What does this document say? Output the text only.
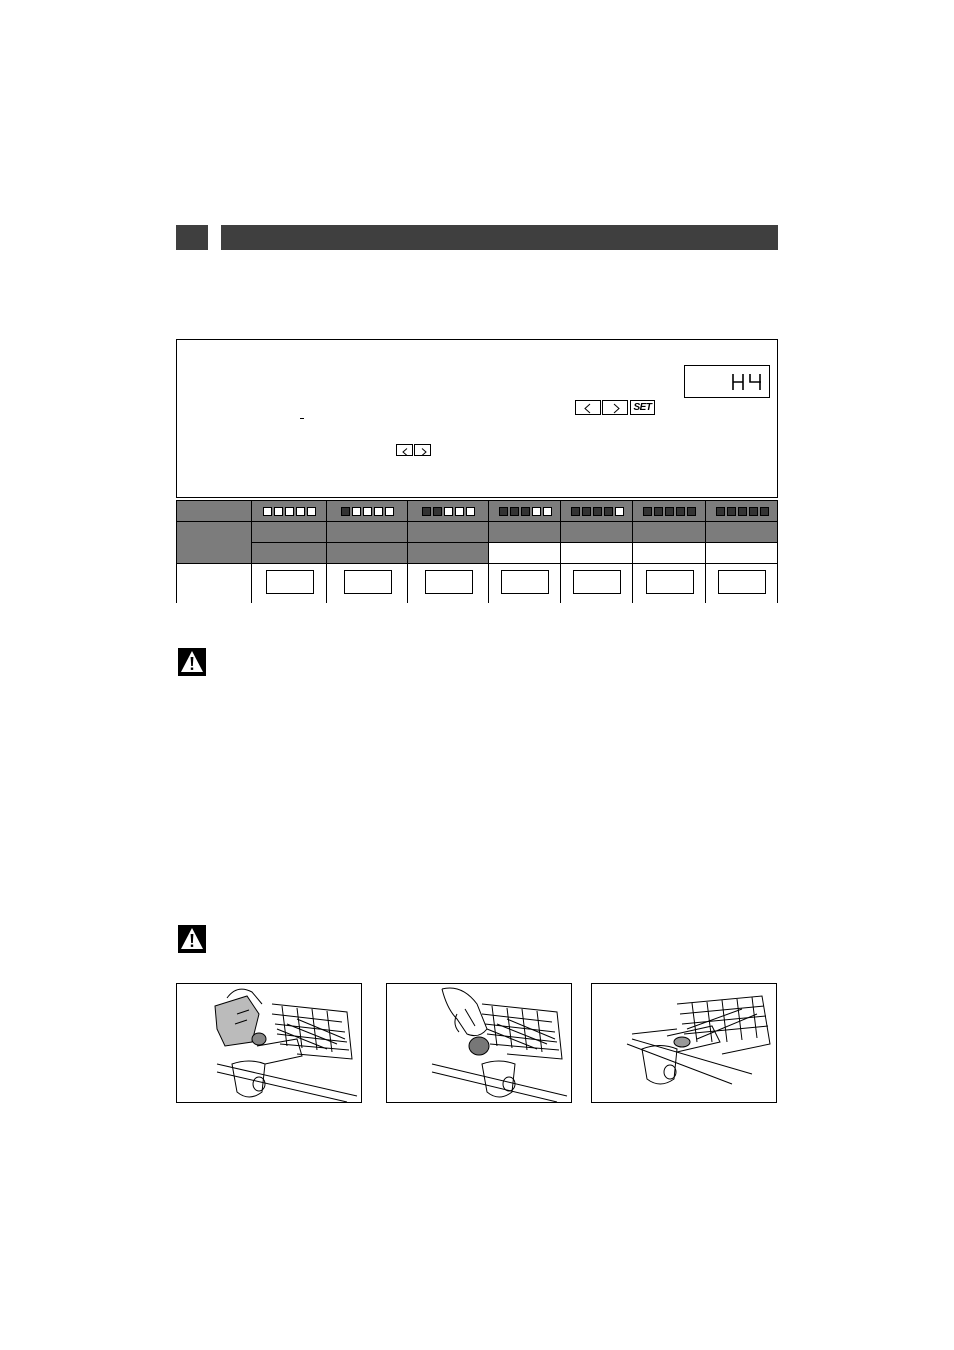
SET
